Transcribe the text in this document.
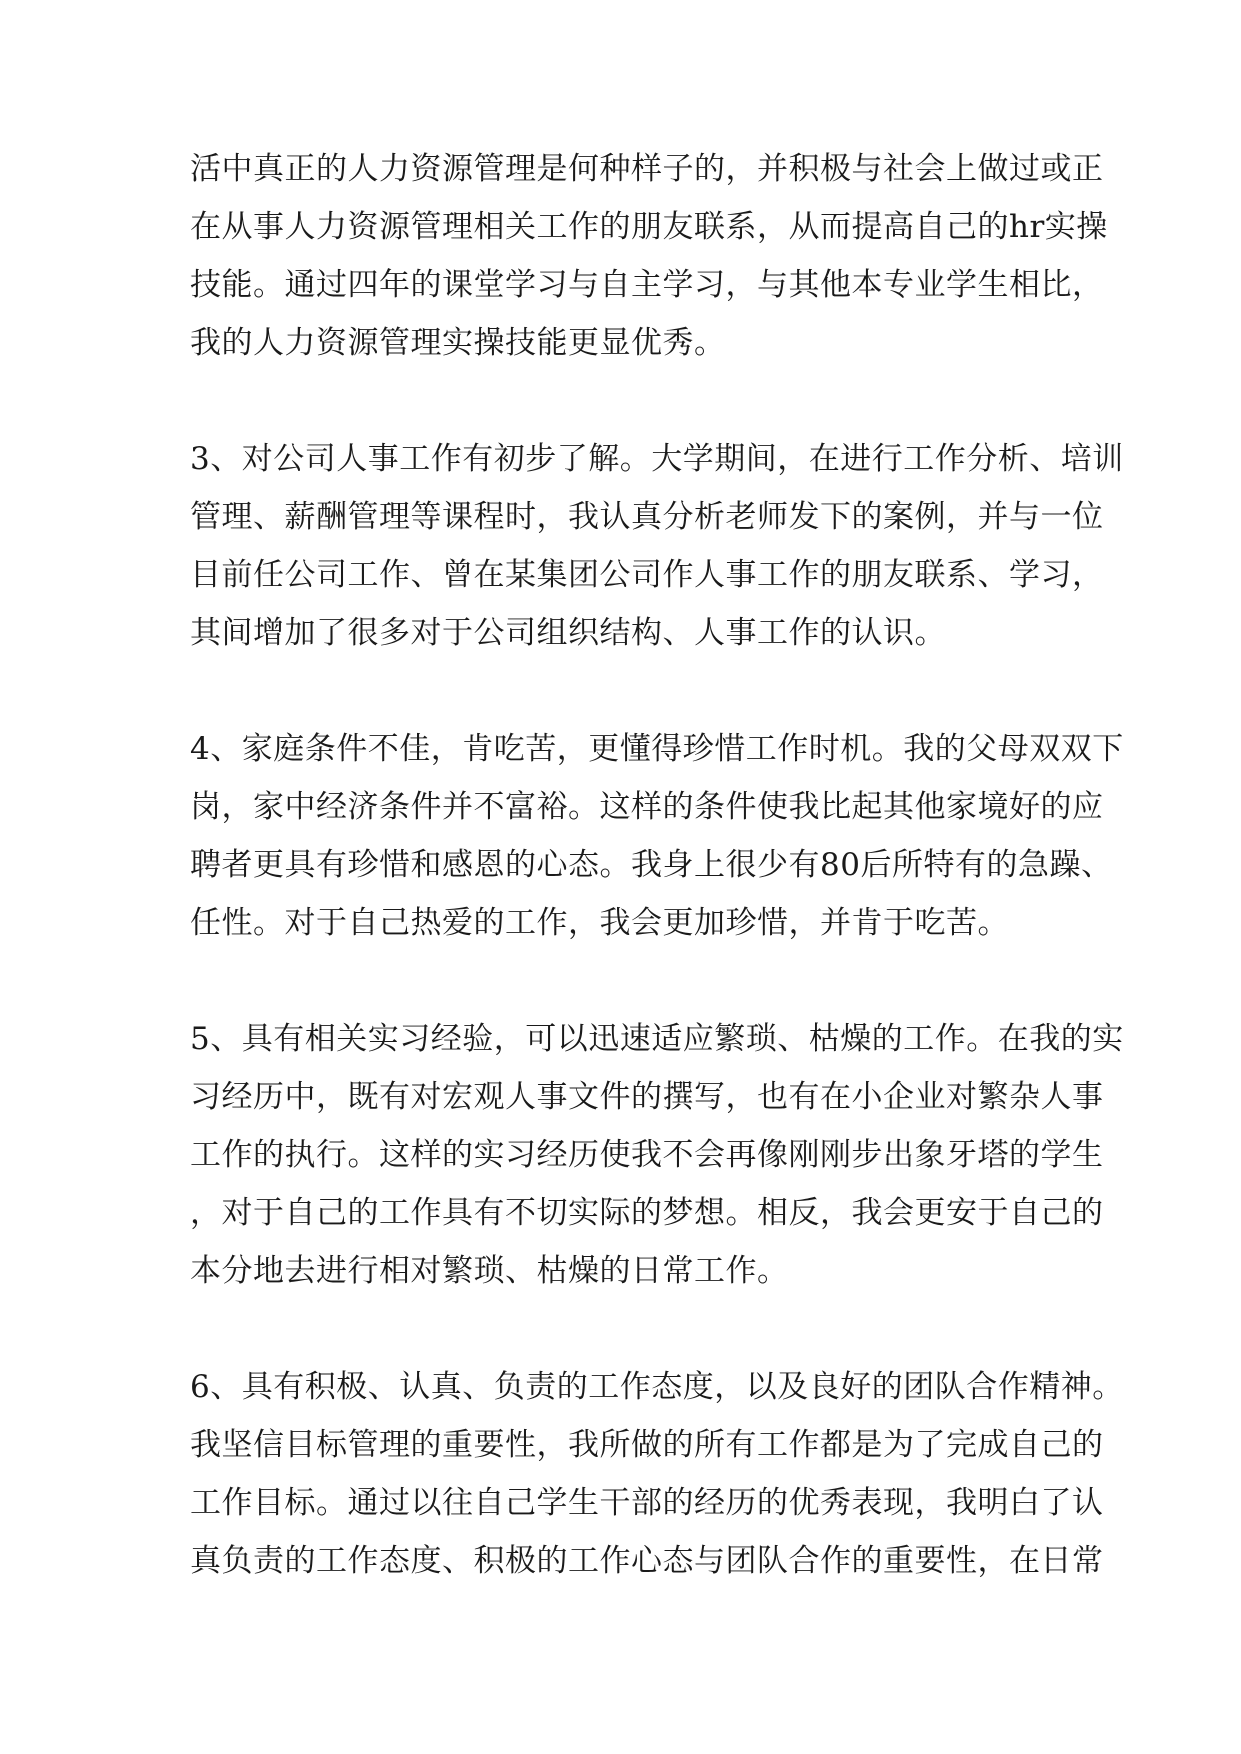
活中真正的人力资源管理是何种样子的，并积极与社会上做过或正
在从事人力资源管理相关工作的朋友联系，从而提高自己的hr实操
技能。通过四年的课堂学习与自主学习，与其他本专业学生相比，
我的人力资源管理实操技能更显优秀。

3、对公司人事工作有初步了解。大学期间，在进行工作分析、培训
管理、薪酬管理等课程时，我认真分析老师发下的案例，并与一位
目前任公司工作、曾在某集团公司作人事工作的朋友联系、学习，
其间增加了很多对于公司组织结构、人事工作的认识。

4、家庭条件不佳，肯吃苦，更懂得珍惜工作时机。我的父母双双下
岗，家中经济条件并不富裕。这样的条件使我比起其他家境好的应
聘者更具有珍惜和感恩的心态。我身上很少有80后所特有的急躁、
任性。对于自己热爱的工作，我会更加珍惜，并肯于吃苦。

5、具有相关实习经验，可以迅速适应繁琐、枯燥的工作。在我的实
习经历中，既有对宏观人事文件的撰写，也有在小企业对繁杂人事
工作的执行。这样的实习经历使我不会再像刚刚步出象牙塔的学生
，对于自己的工作具有不切实际的梦想。相反，我会更安于自己的
本分地去进行相对繁琐、枯燥的日常工作。

6、具有积极、认真、负责的工作态度，以及良好的团队合作精神。
我坚信目标管理的重要性，我所做的所有工作都是为了完成自己的
工作目标。通过以往自己学生干部的经历的优秀表现，我明白了认
真负责的工作态度、积极的工作心态与团队合作的重要性，在日常
